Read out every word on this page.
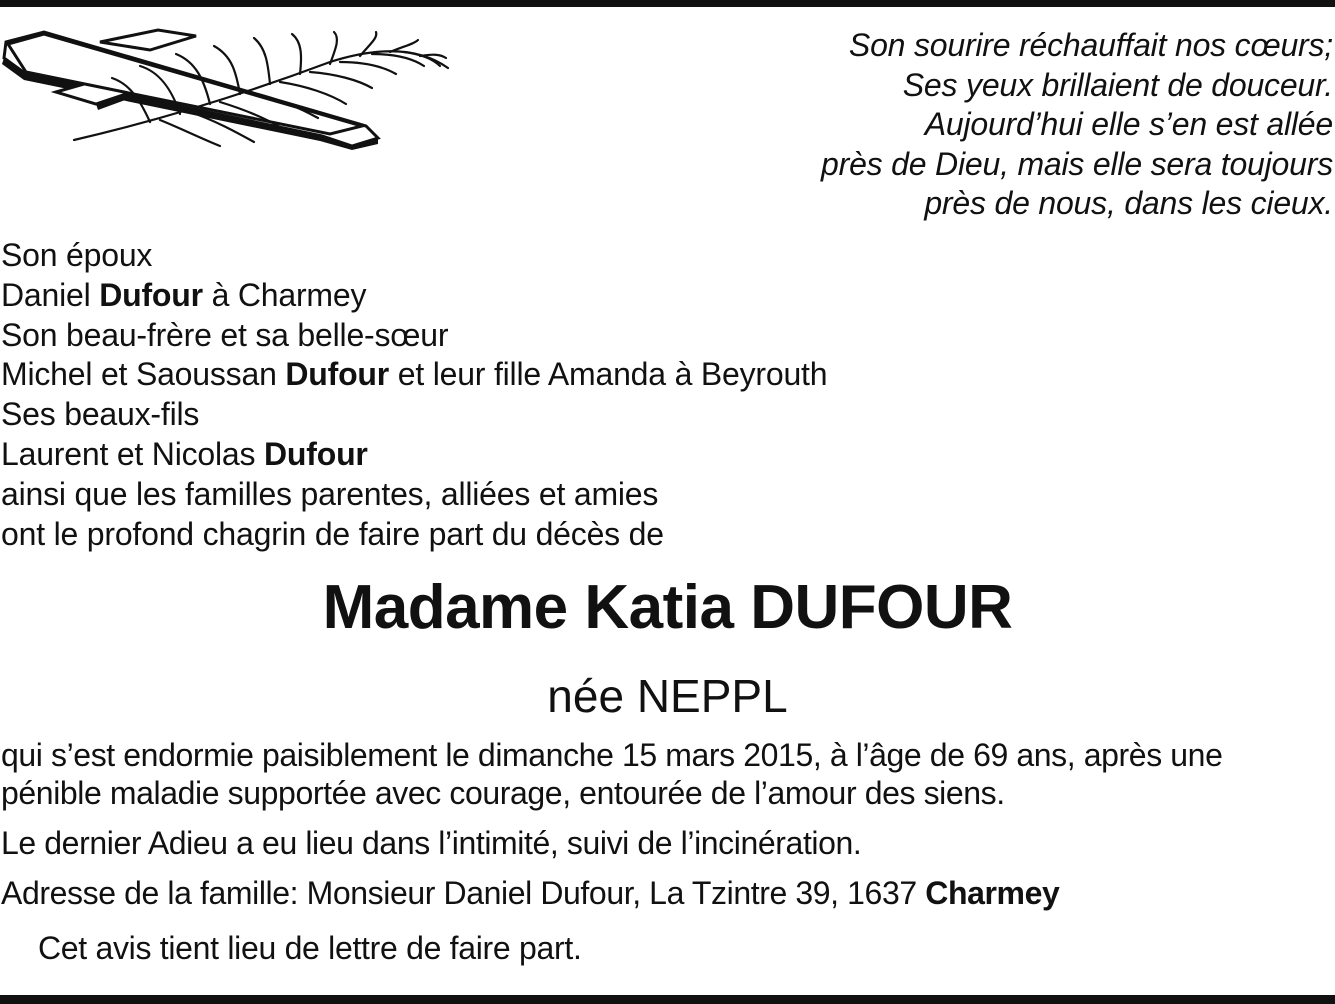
Son sourire réchauffait nos cœurs;
Ses yeux brillaient de douceur.
Aujourd’hui elle s’en est allée
près de Dieu, mais elle sera toujours
près de nous, dans les cieux.
Son époux
Daniel Dufour à Charmey
Son beau-frère et sa belle-sœur
Michel et Saoussan Dufour et leur fille Amanda à Beyrouth
Ses beaux-fils
Laurent et Nicolas Dufour
ainsi que les familles parentes, alliées et amies
ont le profond chagrin de faire part du décès de
Madame Katia DUFOUR
née NEPPL
qui s’est endormie paisiblement le dimanche 15 mars 2015, à l’âge de 69 ans, après une
pénible maladie supportée avec courage, entourée de l’amour des siens.
Le dernier Adieu a eu lieu dans l’intimité, suivi de l’incinération.
Adresse de la famille: Monsieur Daniel Dufour, La Tzintre 39, 1637 Charmey
Cet avis tient lieu de lettre de faire part.
